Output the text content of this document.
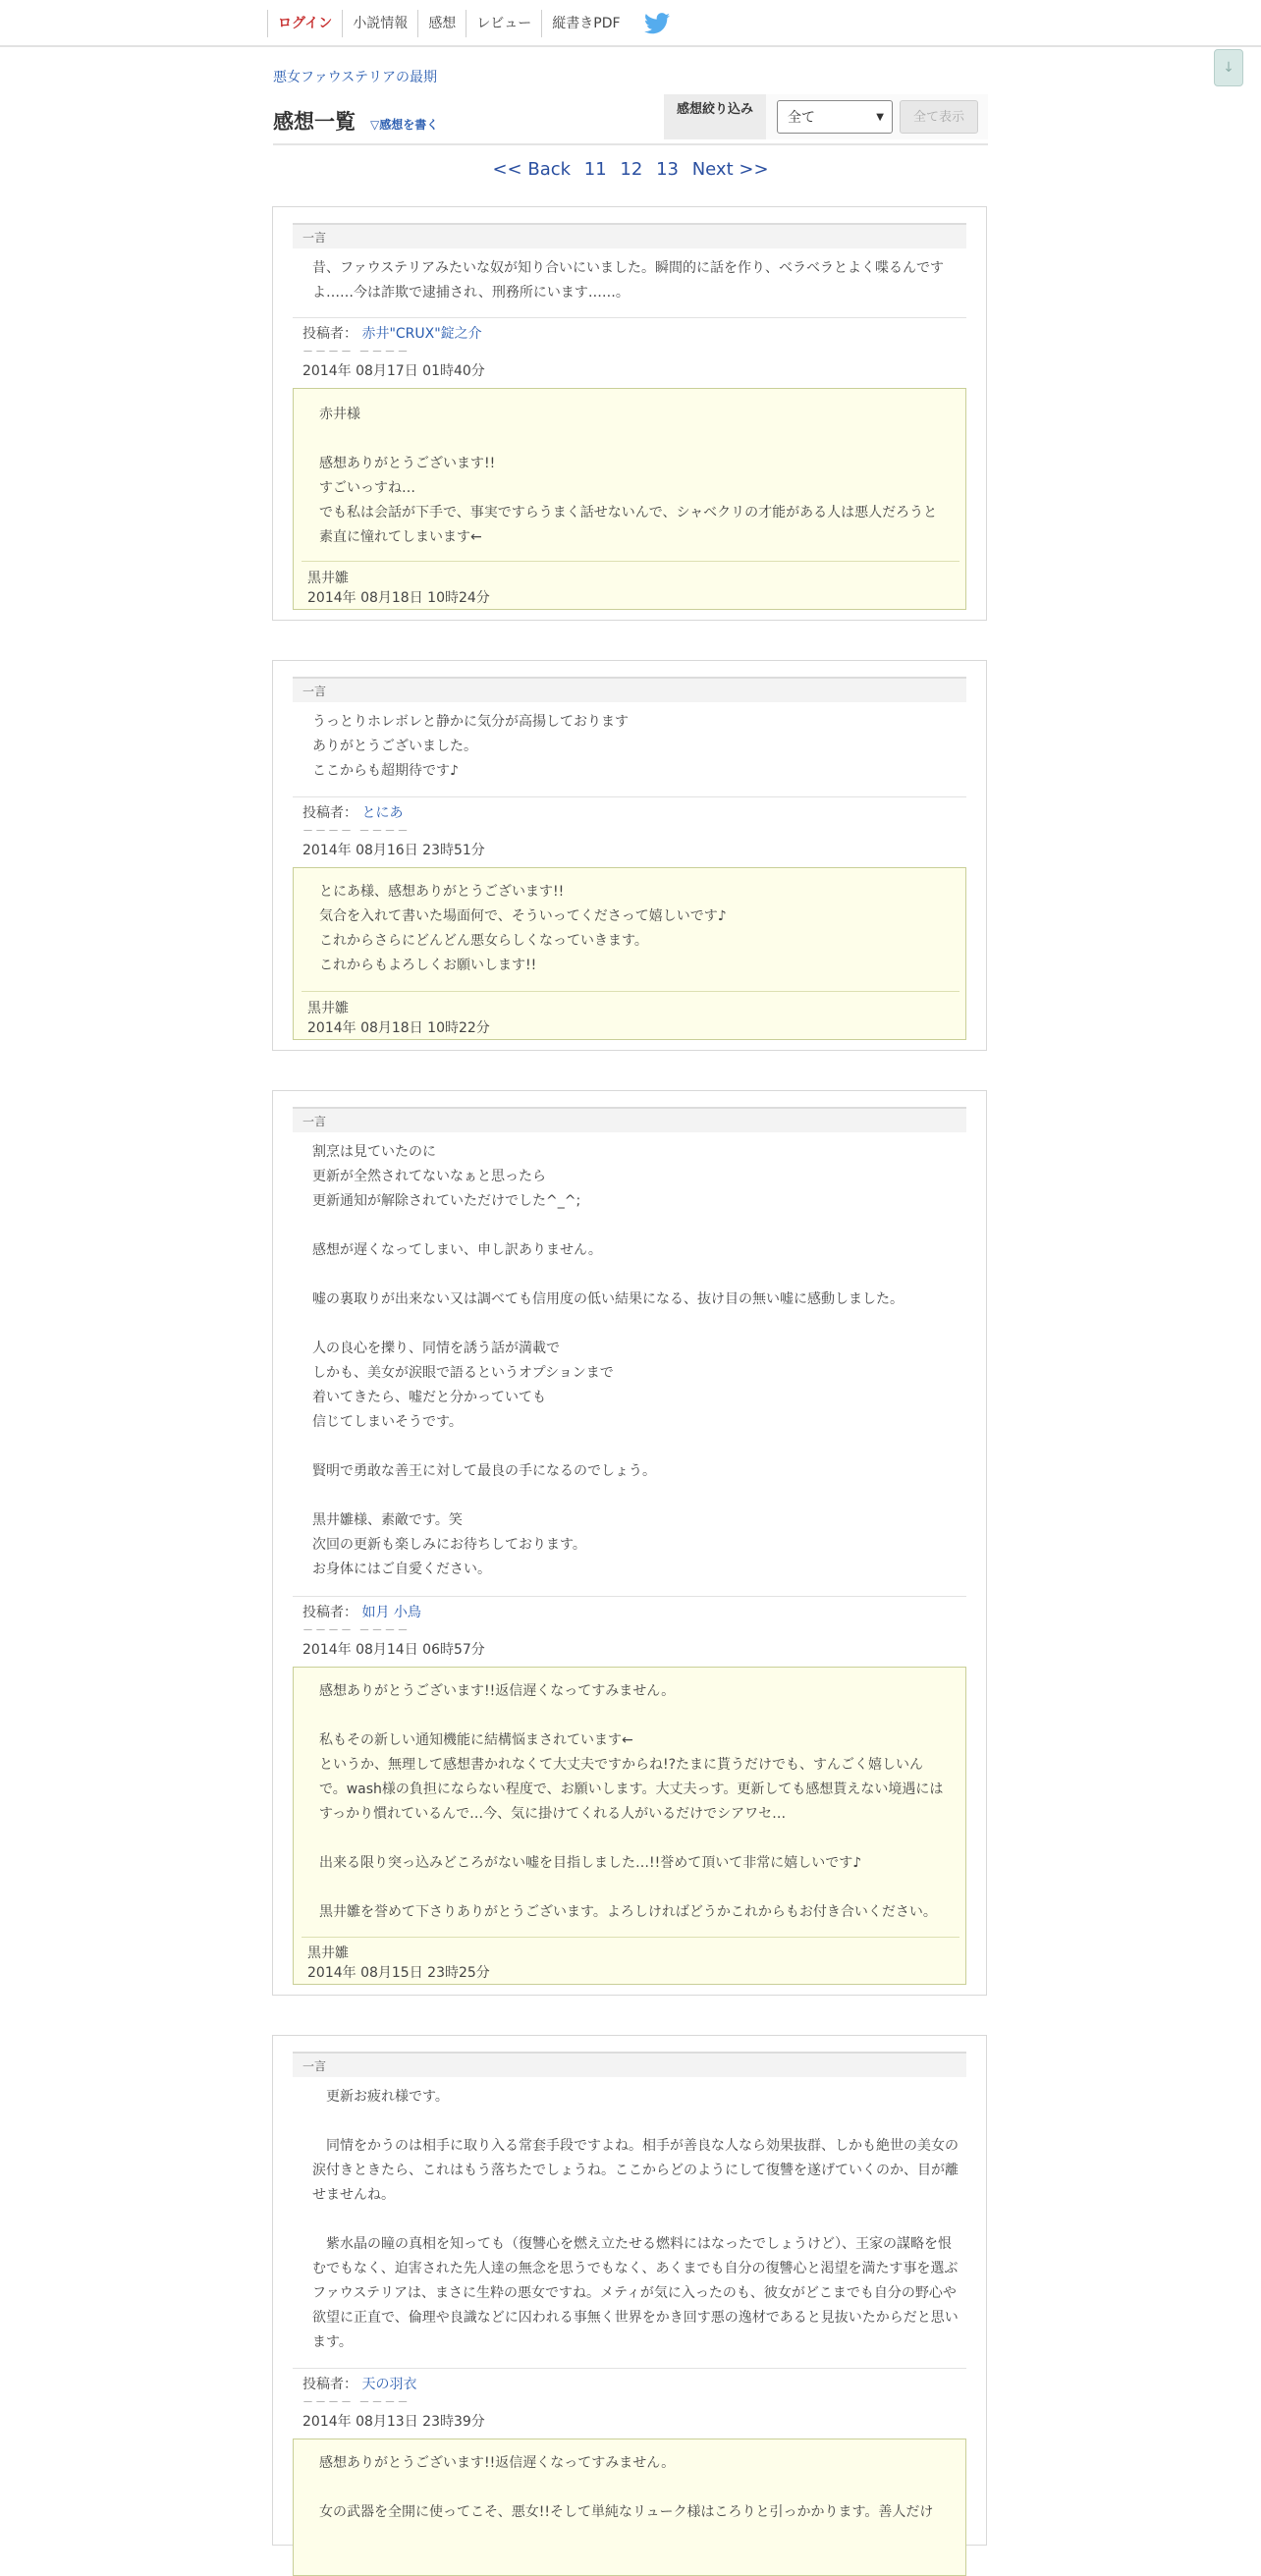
ログイン	小説情報	感想	レビュー	縦書きPDF
↓
悪女ファウステリアの最期
感想一覧 ▽感想を書く
感想絞り込み
全て	▼	全て表示
<< Back 11 12 13 Next >>
一言
昔、ファウステリアみたいな奴が知り合いにいました。瞬間的に話を作り、ベラベラとよく喋るんですよ……今は詐欺で逮捕され、刑務所にいます……。
投稿者： 赤井"CRUX"錠之介
－－－－ －－－－
2014年 08月17日 01時40分
赤井様

感想ありがとうございます!!
すごいっすね…
でも私は会話が下手で、事実ですらうまく話せないんで、シャベクリの才能がある人は悪人だろうと素直に憧れてしまいます←
黒井雛
2014年 08月18日 10時24分
一言
うっとりホレボレと静かに気分が高揚しております
ありがとうございました。
ここからも超期待です♪
投稿者： とにあ
－－－－ －－－－
2014年 08月16日 23時51分
とにあ様、感想ありがとうございます!!
気合を入れて書いた場面何で、そういってくださって嬉しいです♪
これからさらにどんどん悪女らしくなっていきます。
これからもよろしくお願いします!!
黒井雛
2014年 08月18日 10時22分
一言
割烹は見ていたのに
更新が全然されてないなぁと思ったら
更新通知が解除されていただけでした^_^;

感想が遅くなってしまい、申し訳ありません。

嘘の裏取りが出来ない又は調べても信用度の低い結果になる、抜け目の無い嘘に感動しました。

人の良心を擽り、同情を誘う話が満載で
しかも、美女が涙眼で語るというオプションまで
着いてきたら、嘘だと分かっていても
信じてしまいそうです。

賢明で勇敢な善王に対して最良の手になるのでしょう。

黒井雛様、素敵です。笑
次回の更新も楽しみにお待ちしております。
お身体にはご自愛ください。
投稿者： 如月 小鳥
－－－－ －－－－
2014年 08月14日 06時57分
感想ありがとうございます!!返信遅くなってすみません。

私もその新しい通知機能に結構悩まされています←
というか、無理して感想書かれなくて大丈夫ですからね!?たまに貰うだけでも、すんごく嬉しいんで。wash様の負担にならない程度で、お願いします。大丈夫っす。更新しても感想貰えない境遇にはすっかり慣れているんで…今、気に掛けてくれる人がいるだけでシアワセ…

出来る限り突っ込みどころがない嘘を目指しました…!!誉めて頂いて非常に嬉しいです♪

黒井雛を誉めて下さりありがとうございます。よろしければどうかこれからもお付き合いください。
黒井雛
2014年 08月15日 23時25分
一言
　更新お疲れ様です。

　同情をかうのは相手に取り入る常套手段ですよね。相手が善良な人なら効果抜群、しかも絶世の美女の涙付きときたら、これはもう落ちたでしょうね。ここからどのようにして復讐を遂げていくのか、目が離せませんね。

　紫水晶の瞳の真相を知っても（復讐心を燃え立たせる燃料にはなったでしょうけど）、王家の謀略を恨むでもなく、迫害された先人達の無念を思うでもなく、あくまでも自分の復讐心と渇望を満たす事を選ぶファウステリアは、まさに生粋の悪女ですね。メティが気に入ったのも、彼女がどこまでも自分の野心や欲望に正直で、倫理や良識などに囚われる事無く世界をかき回す悪の逸材であると見抜いたからだと思います。
投稿者： 天の羽衣
－－－－ －－－－
2014年 08月13日 23時39分
感想ありがとうございます!!返信遅くなってすみません。

女の武器を全開に使ってこそ、悪女!!そして単純なリューク様はころりと引っかかります。善人だけ
